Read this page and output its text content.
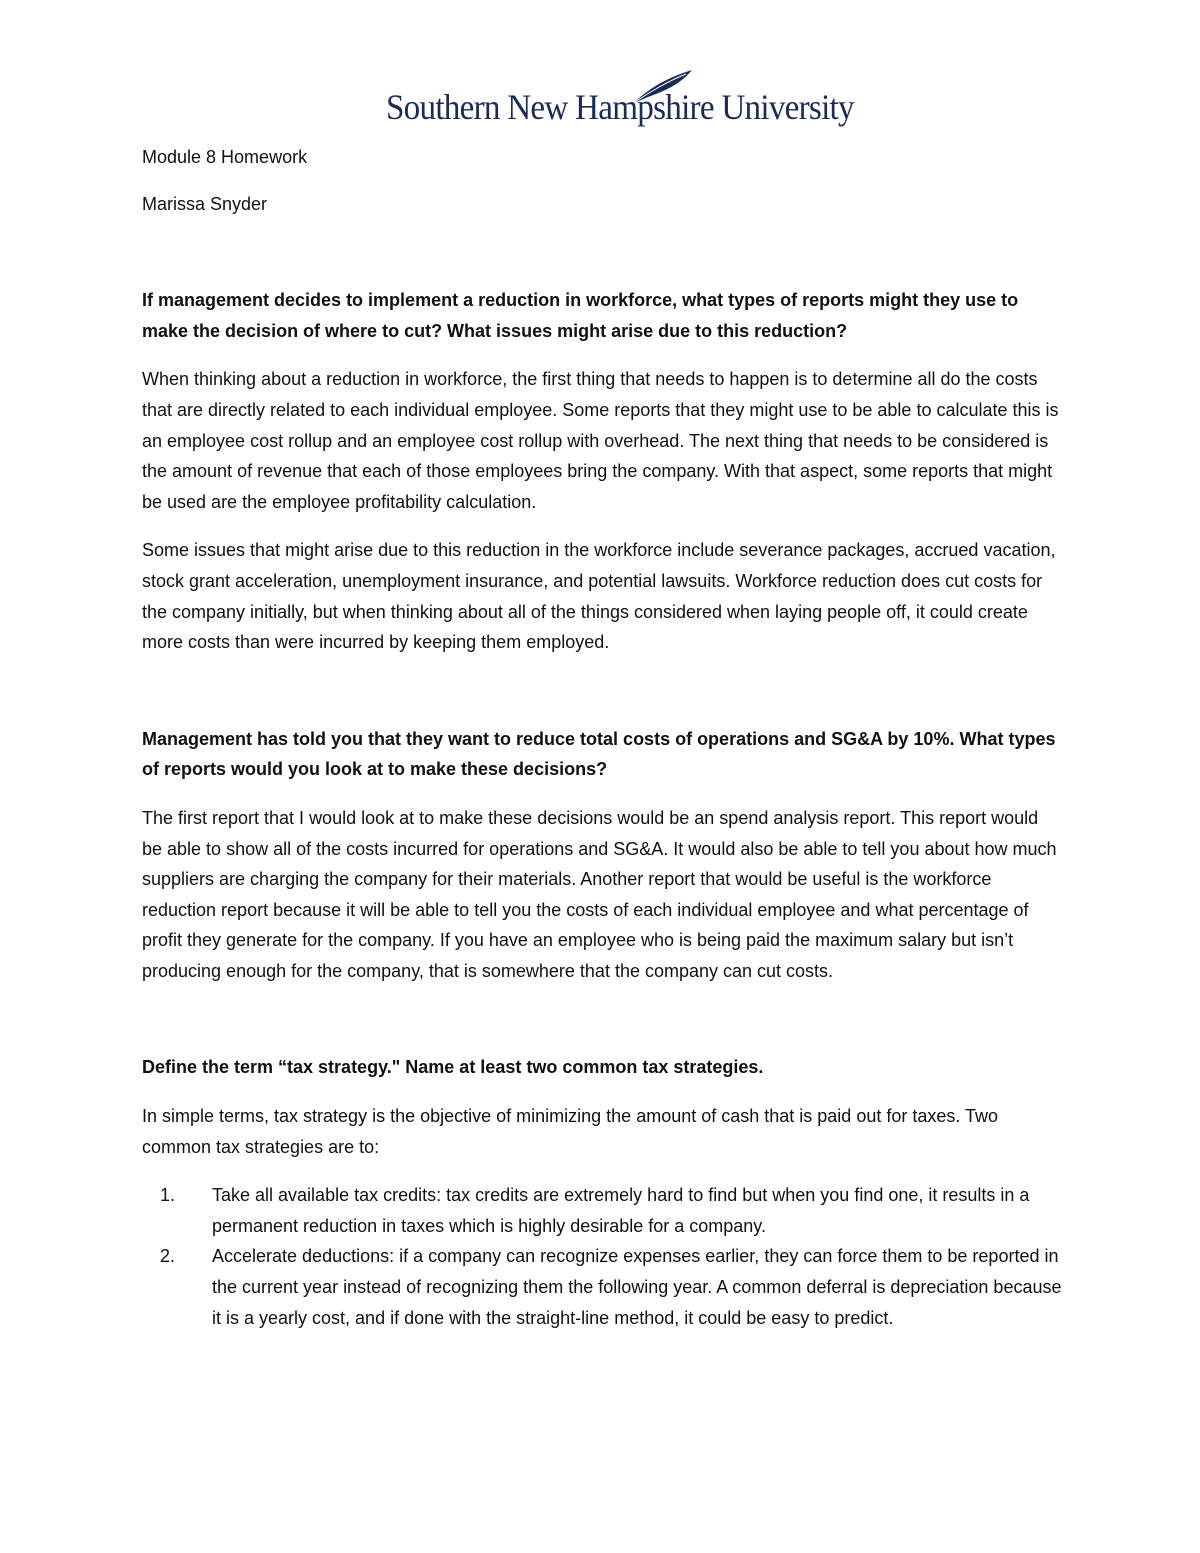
Southern New Hampshire University

Module 8 Homework

Marissa Snyder

If management decides to implement a reduction in workforce, what types of reports might they use to make the decision of where to cut? What issues might arise due to this reduction?

When thinking about a reduction in workforce, the first thing that needs to happen is to determine all do the costs that are directly related to each individual employee. Some reports that they might use to be able to calculate this is an employee cost rollup and an employee cost rollup with overhead. The next thing that needs to be considered is the amount of revenue that each of those employees bring the company. With that aspect, some reports that might be used are the employee profitability calculation.

Some issues that might arise due to this reduction in the workforce include severance packages, accrued vacation, stock grant acceleration, unemployment insurance, and potential lawsuits. Workforce reduction does cut costs for the company initially, but when thinking about all of the things considered when laying people off, it could create more costs than were incurred by keeping them employed.

Management has told you that they want to reduce total costs of operations and SG&A by 10%. What types of reports would you look at to make these decisions?

The first report that I would look at to make these decisions would be an spend analysis report. This report would be able to show all of the costs incurred for operations and SG&A. It would also be able to tell you about how much suppliers are charging the company for their materials. Another report that would be useful is the workforce reduction report because it will be able to tell you the costs of each individual employee and what percentage of profit they generate for the company. If you have an employee who is being paid the maximum salary but isn’t producing enough for the company, that is somewhere that the company can cut costs.

Define the term “tax strategy." Name at least two common tax strategies.

In simple terms, tax strategy is the objective of minimizing the amount of cash that is paid out for taxes. Two common tax strategies are to:

1. Take all available tax credits: tax credits are extremely hard to find but when you find one, it results in a permanent reduction in taxes which is highly desirable for a company.
2. Accelerate deductions: if a company can recognize expenses earlier, they can force them to be reported in the current year instead of recognizing them the following year. A common deferral is depreciation because it is a yearly cost, and if done with the straight-line method, it could be easy to predict.
